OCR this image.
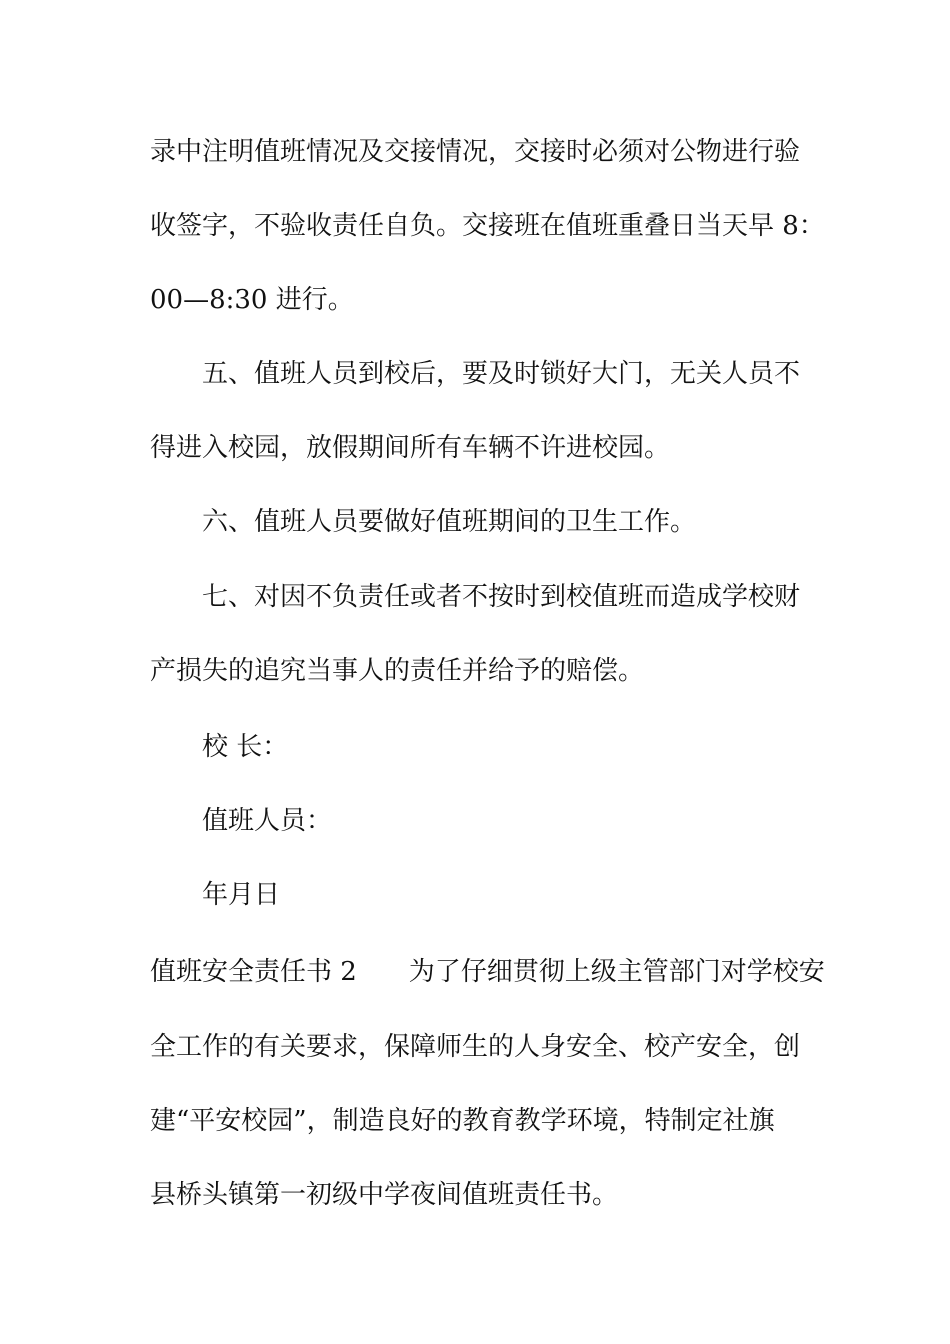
录中注明值班情况及交接情况，交接时必须对公物进行验

收签字，不验收责任自负。交接班在值班重叠日当天早 8：

00—8:30 进行。

五、值班人员到校后，要及时锁好大门，无关人员不

得进入校园，放假期间所有车辆不许进校园。

六、值班人员要做好值班期间的卫生工作。

七、对因不负责任或者不按时到校值班而造成学校财

产损失的追究当事人的责任并给予的赔偿。

校 长：

值班人员：

年月日

值班安全责任书 2　　为了仔细贯彻上级主管部门对学校安

全工作的有关要求，保障师生的人身安全、校产安全，创

建“平安校园”，制造良好的教育教学环境，特制定社旗

县桥头镇第一初级中学夜间值班责任书。
